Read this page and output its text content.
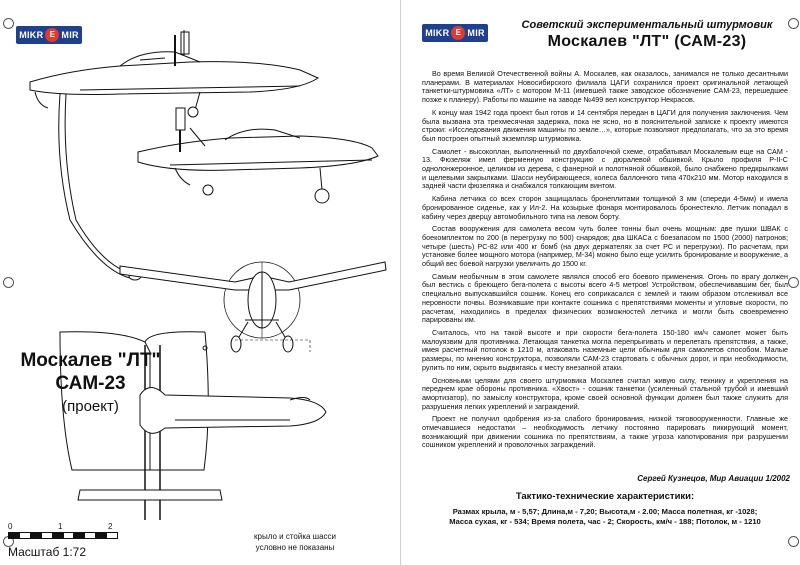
MIKR E MIR
Москалев "ЛТ"
САМ-23
(проект)
0	1	2
Масштаб 1:72
крыло и стойка шасси
условно не показаны
MIKR E MIR
Советский экспериментальный штурмовик
Москалев "ЛТ" (САМ-23)

Во время Великой Отечественной войны А. Москалев, как оказалось, занимался не только десантными планерами. В материалах Новосибирского филиала ЦАГИ сохранился проект оригинальной летающей танкетки-штурмовика «ЛТ» с мотором М-11 (имевшей также заводское обозначение САМ-23, перешедшее позже к планеру). Работы по машине на заводе №499 вел конструктор Некрасов.

К концу мая 1942 года проект был готов и 14 сентября передан в ЦАГИ для получения заключения. Чем была вызвана эта трехмесячная задержка, пока не ясно, но в пояснительной записке к проекту имеются строки: «Исследования движения машины по земле…», которые позволяют предполагать, что за это время был построен опытный экземпляр штурмовика.

Самолет - высокоплан, выполненный по двухбалочной схеме, отрабатывал Москалевым еще на САМ - 13. Фюзеляж имел ферменную конструкцию с дюралевой обшивкой. Крыло профиля Р-II-С однолонжеронное, целиком из дерева, с фанерной и полотняной обшивкой, было снабжено предкрылками и щелевыми закрылками. Шасси неубирающееся, колеса баллонного типа 470х210 мм. Мотор находился в задней части фюзеляжа и снабжался толкающим винтом.

Кабина летчика со всех сторон защищалась бронеплитами толщиной 3 мм (спереди 4-5мм) и имела бронированное сиденье, как у Ил-2. На козырьке фонаря монтировалось бронестекло. Летчик попадал в кабину через дверцу автомобильного типа на левом борту.

Состав вооружения для самолета весом чуть более тонны был очень мощным: две пушки ШВАК с боекомплектом по 200 (в перегрузку по 500) снарядов; два ШКАСа с боезапасом по 1500 (2000) патронов; четыре (шесть) РС-82 или 400 кг бомб (на двух держателях за счет РС и перегрузки). По расчетам, при установке более мощного мотора (например, М-34) можно было еще усилить бронирование и вооружение, а общий вес боевой нагрузки увеличить до 1500 кг.

Самым необычным в этом самолете являлся способ его боевого применения. Огонь по врагу должен был вестись с бреющего бега-полета с высоты всего 4-5 метров! Устройством, обеспечивавшим бег, был специально выпускавшийся сошник. Конец его соприкасался с землей и таким образом отслеживал все неровности почвы. Возникавшие при контакте сошника с препятствиями моменты и угловые скорости, по расчетам, находились в пределах физических возможностей летчика и могли быть своевременно парированы им.

Считалось, что на такой высоте и при скорости бега-полета 150-180 км/ч самолет может быть малоуязвим для противника. Летающая танкетка могла перепрыгивать и перелетать препятствия, а также, имея расчетный потолок в 1210 м, атаковать наземные цели обычным для самолетов способом. Малые размеры, по мнению конструктора, позволяли САМ-23 стартовать с обычных дорог, и при необходимости, рулить по ним, скрыто выдвигаясь к месту внезапной атаки.

Основными целями для своего штурмовика Москалев считал живую силу, технику и укрепления на переднем крае обороны противника. «Хвост» - сошник танкетки (усиленный стальной трубой и имевший амортизатор), по замыслу конструктора, кроме своей основной функции должен был также служить для разрушения легких укреплений и заграждений.

Проект не получил одобрения из-за слабого бронирования, низкой тяговооруженности. Главные же отмечавшиеся недостатки – необходимость летчику постоянно парировать пикирующий момент, возникающий при движении сошника по препятствиям, а также угроза капотирования при разрушении сошником укреплений и проволочных заграждений.

Сергей Кузнецов, Мир Авиации 1/2002
Тактико-технические характеристики:
Размах крыла, м - 5,57; Длина,м - 7,20; Высота,м - 2.00; Масса полетная, кг -1028;
Масса сухая, кг - 534; Время полета, час - 2; Скорость, км/ч - 188; Потолок, м - 1210
